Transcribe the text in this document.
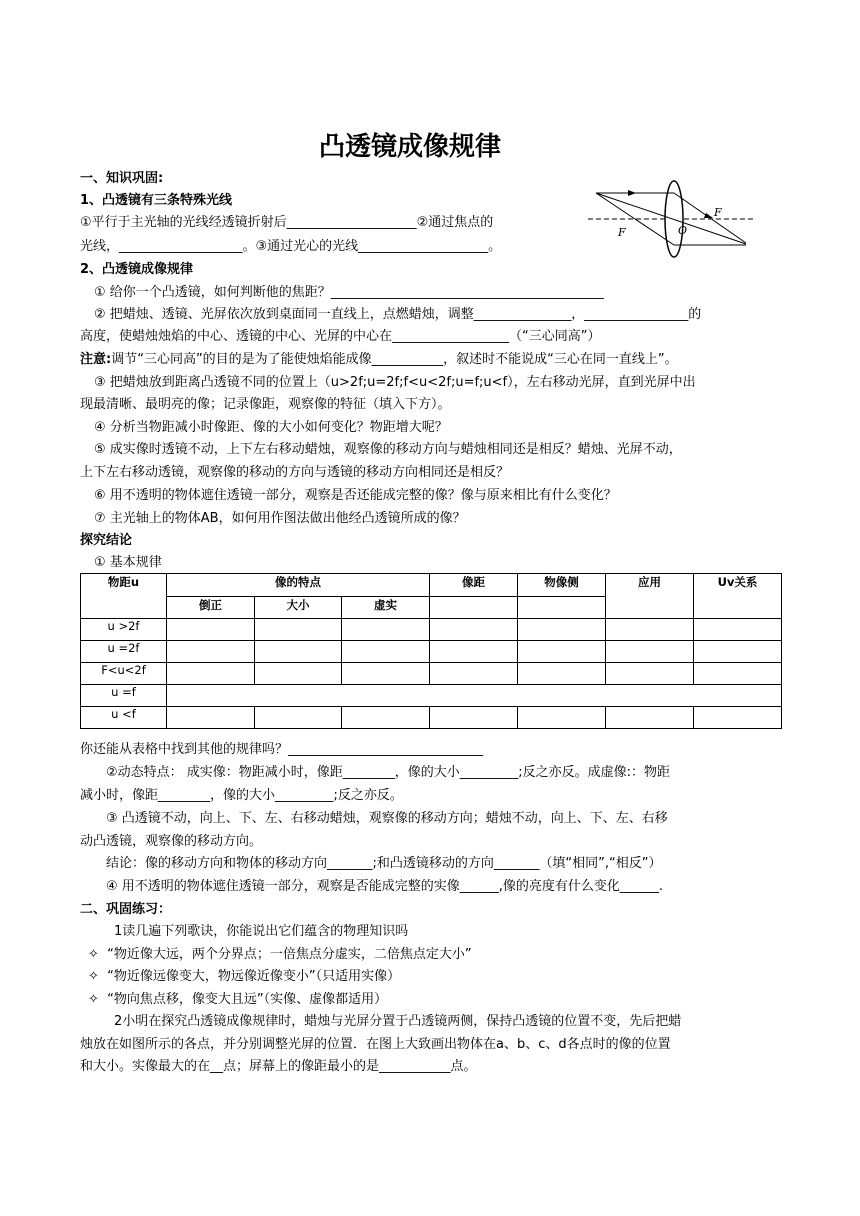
凸透镜成像规律
一、知识巩固:
1、凸透镜有三条特殊光线
①平行于主光轴的光线经透镜折射后____________________②通过焦点的
光线，___________________。③通过光心的光线____________________。
F
F
O
2、凸透镜成像规律
① 给你一个凸透镜，如何判断他的焦距？__________________________________________
② 把蜡烛、透镜、光屏依次放到桌面同一直线上，点燃蜡烛，调整_______________，________________的
高度，使蜡烛烛焰的中心、透镜的中心、光屏的中心在__________________（“三心同高”）
注意:调节“三心同高”的目的是为了能使烛焰能成像___________，叙述时不能说成“三心在同一直线上”。
③ 把蜡烛放到距离凸透镜不同的位置上（u>2f;u=2f;f<u<2f;u=f;u<f），左右移动光屏，直到光屏中出
现最清晰、最明亮的像；记录像距，观察像的特征（填入下方）。
④ 分析当物距减小时像距、像的大小如何变化？物距增大呢？
⑤ 成实像时透镜不动，上下左右移动蜡烛，观察像的移动方向与蜡烛相同还是相反？蜡烛、光屏不动，
上下左右移动透镜，观察像的移动的方向与透镜的移动方向相同还是相反？
⑥ 用不透明的物体遮住透镜一部分，观察是否还能成完整的像？像与原来相比有什么变化？
⑦ 主光轴上的物体AB，如何用作图法做出他经凸透镜所成的像？
探究结论
① 基本规律
物距u	像的特点			像距	物像侧	应用	Uv关系
	倒正	大小	虚实				
u >2f							
u =2f							
F<u<2f							
u =f							
u <f							
你还能从表格中找到其他的规律吗？______________________________
②动态特点： 成实像：物距减小时，像距________，像的大小_________;反之亦反。成虚像:：物距
减小时，像距________，像的大小_________;反之亦反。
③ 凸透镜不动，向上、下、左、右移动蜡烛，观察像的移动方向；蜡烛不动，向上、下、左、右移
动凸透镜，观察像的移动方向。
结论：像的移动方向和物体的移动方向_______;和凸透镜移动的方向_______（填“相同”,“相反”）
④ 用不透明的物体遮住透镜一部分，观察是否能成完整的实像______,像的亮度有什么变化______.
二、巩固练习：
1读几遍下列歌诀，你能说出它们蕴含的物理知识吗
✧ “物近像大远，两个分界点；一倍焦点分虚实，二倍焦点定大小”
✧ “物近像远像变大，物远像近像变小”（只适用实像）
✧ “物向焦点移，像变大且远”（实像、虚像都适用）
2小明在探究凸透镜成像规律时，蜡烛与光屏分置于凸透镜两侧，保持凸透镜的位置不变，先后把蜡
烛放在如图所示的各点，并分别调整光屏的位置．在图上大致画出物体在a、b、c、d各点时的像的位置
和大小。实像最大的在__点；屏幕上的像距最小的是___________点。
